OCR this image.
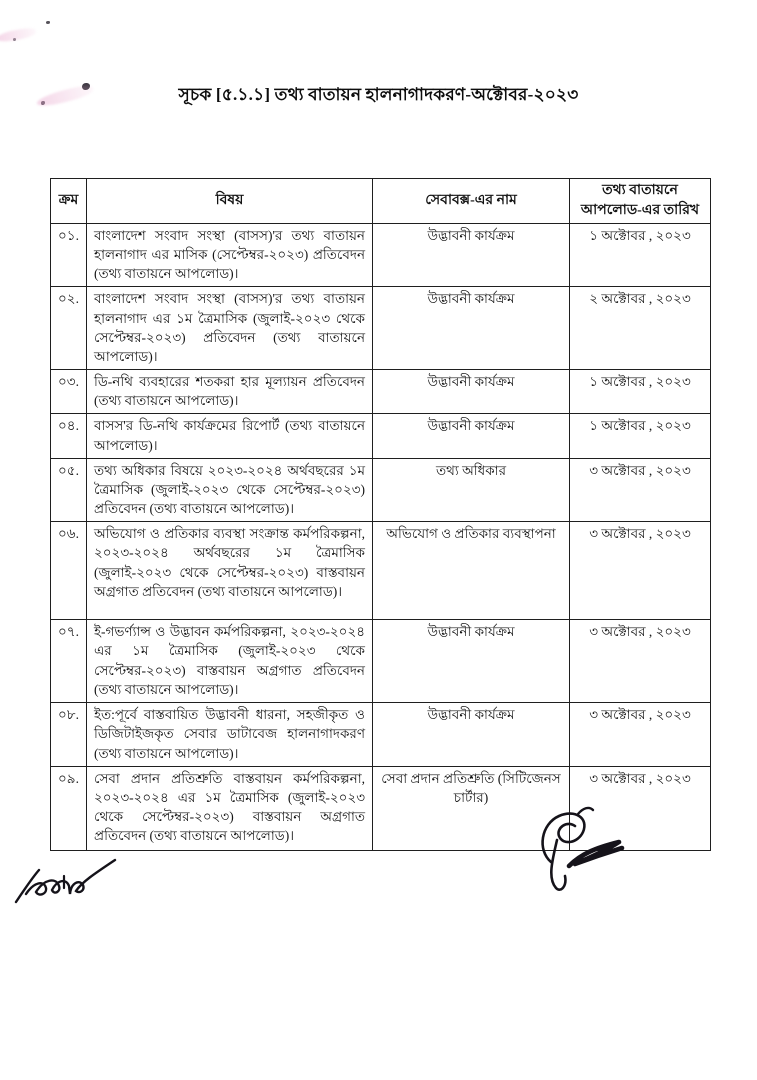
সূচক [৫.১.১] তথ্য বাতায়ন হালনাগাদকরণ-অক্টোবর-২০২৩
ক্রম	বিষয়	সেবাবক্স-এর নাম	তথ্য বাতায়নে আপলোড-এর তারিখ
০১.	বাংলাদেশ সংবাদ সংস্থা (বাসস)'র তথ্য বাতায়ন হালনাগাদ এর মাসিক (সেপ্টেম্বর-২০২৩) প্রতিবেদন (তথ্য বাতায়নে আপলোড)।	উদ্ভাবনী কার্যক্রম	১ অক্টোবর , ২০২৩
০২.	বাংলাদেশ সংবাদ সংস্থা (বাসস)'র তথ্য বাতায়ন হালনাগাদ এর ১ম ত্রৈমাসিক (জুলাই-২০২৩ থেকে সেপ্টেম্বর-২০২৩) প্রতিবেদন (তথ্য বাতায়নে আপলোড)।	উদ্ভাবনী কার্যক্রম	২ অক্টোবর , ২০২৩
০৩.	ডি-নথি ব্যবহারের শতকরা হার মূল্যায়ন প্রতিবেদন (তথ্য বাতায়নে আপলোড)।	উদ্ভাবনী কার্যক্রম	১ অক্টোবর , ২০২৩
০৪.	বাসস'র ডি-নথি কার্যক্রমের রিপোর্ট (তথ্য বাতায়নে আপলোড)।	উদ্ভাবনী কার্যক্রম	১ অক্টোবর , ২০২৩
০৫.	তথ্য অধিকার বিষয়ে ২০২৩-২০২৪ অর্থবছরের ১ম ত্রৈমাসিক (জুলাই-২০২৩ থেকে সেপ্টেম্বর-২০২৩) প্রতিবেদন (তথ্য বাতায়নে আপলোড)।	তথ্য অধিকার	৩ অক্টোবর , ২০২৩
০৬.	অভিযোগ ও প্রতিকার ব্যবস্থা সংক্রান্ত কর্মপরিকল্পনা, ২০২৩-২০২৪ অর্থবছরের ১ম ত্রৈমাসিক (জুলাই-২০২৩ থেকে সেপ্টেম্বর-২০২৩) বাস্তবায়ন অগ্রগাত প্রতিবেদন (তথ্য বাতায়নে আপলোড)।	অভিযোগ ও প্রতিকার ব্যবস্থাপনা	৩ অক্টোবর , ২০২৩
০৭.	ই-গভর্ণ্যান্স ও উদ্ভাবন কর্মপরিকল্পনা, ২০২৩-২০২৪ এর ১ম ত্রৈমাসিক (জুলাই-২০২৩ থেকে সেপ্টেম্বর-২০২৩) বাস্তবায়ন অগ্রগাত প্রতিবেদন (তথ্য বাতায়নে আপলোড)।	উদ্ভাবনী কার্যক্রম	৩ অক্টোবর , ২০২৩
০৮.	ইত:পূর্বে বাস্তবায়িত উদ্ভাবনী ধারনা, সহজীকৃত ও ডিজিটাইজকৃত সেবার ডাটাবেজ হালনাগাদকরণ (তথ্য বাতায়নে আপলোড)।	উদ্ভাবনী কার্যক্রম	৩ অক্টোবর , ২০২৩
০৯.	সেবা প্রদান প্রতিশ্রুতি বাস্তবায়ন কর্মপরিকল্পনা, ২০২৩-২০২৪ এর ১ম ত্রৈমাসিক (জুলাই-২০২৩ থেকে সেপ্টেম্বর-২০২৩) বাস্তবায়ন অগ্রগাত প্রতিবেদন (তথ্য বাতায়নে আপলোড)।	সেবা প্রদান প্রতিশ্রুতি (সিটিজেনস চার্টার)	৩ অক্টোবর , ২০২৩
